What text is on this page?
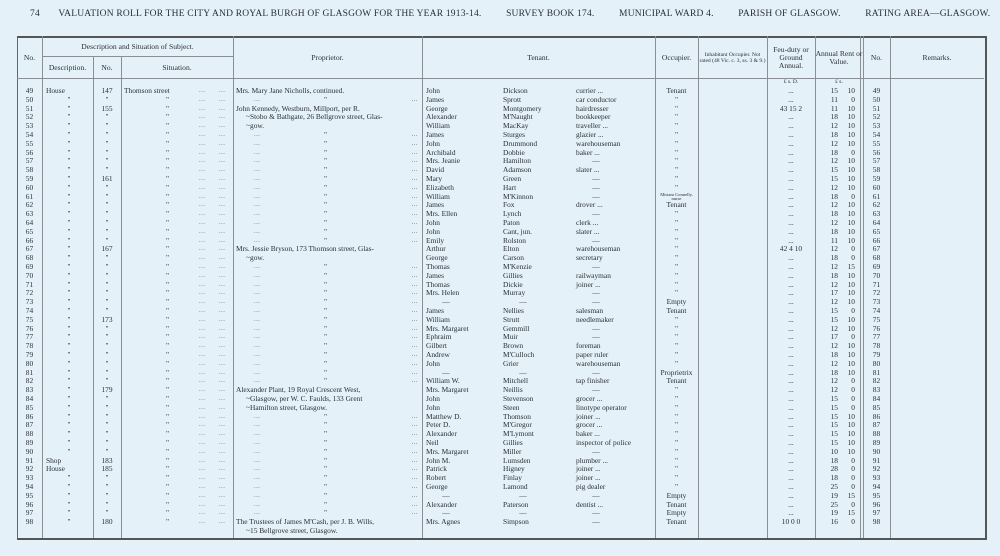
74 VALUATION ROLL FOR THE CITY AND ROYAL BURGH OF GLASGOW FOR THE YEAR 1913-14.	SURVEY BOOK 174.	MUNICIPAL WARD 4.	PARISH OF GLASGOW.	RATING AREA—GLASGOW.
No.
Description and Situation of Subject.
Description.	No.	Situation.
Proprietor.	Tenant.	Occupier.	Inhabitant Occupier. Not rated (48 Vic. c. 3, ss. 3 & 9.)
Feu-duty or Ground Annual.
Annual Rent or Value.	No.	Remarks.
£ s. D.	£ s.
49	House	147	Thomson street	... ... Mrs. Mary Jane Nicholls, continued.	John	Dickson	currier ...	Tenant	...	15	10	49
50	"	"	"	... ...	...	"	... James	Sprott	car conductor	"	...	11	0	50
51	"	155	"	... ... John Kennedy, Westburn, Millport, per R.	George	Montgomery	hairdresser	"	43 15 2	11	10	51
52	"	"	"	... ...	~Stobo & Bathgate, 26 Bellgrove street, Glas-	Alexander	M'Naught	bookkeeper	"	...	18	10	52
53	"	"	"	... ...	~gow.	William	MacKay	traveller ...	"	...	12	10	53
54	"	"	"	... ...	...	"	... James	Sturges	glazier ...	"	...	18	10	54
55	"	"	"	... ...	...	"	... John	Drummond	warehouseman	"	...	12	10	55
56	"	"	"	... ...	...	"	... Archibald	Dobbie	baker ...	"	...	18	0	56
57	"	"	"	... ...	...	"	... Mrs. Jeanie	Hamilton	—	"	...	12	10	57
58	"	"	"	... ...	...	"	... David	Adamson	slater ...	"	...	15	10	58
59	"	161	"	... ...	...	"	... Mary	Green	—	"	...	15	10	59
60	"	"	"	... ...	...	"	... Elizabeth	Hart	—	"	...	12	10	60
61	"	"	"	... ...	...	"	... William	M'Kinnon	—	Miriam Connelly, nurse	...	18	0	61
62	"	"	"	... ...	...	"	... James	Fox	drover ...	Tenant	...	12	10	62
63	"	"	"	... ...	...	"	... Mrs. Ellen	Lynch	—	"	...	18	10	63
64	"	"	"	... ...	...	"	... John	Paton	clerk ...	"	...	12	10	64
65	"	"	"	... ...	...	"	... John	Cant, jun.	slater ...	"	...	18	10	65
66	"	"	"	... ...	...	"	... Emily	Rolston	—	"	...	11	10	66
67	"	167	"	... ... Mrs. Jessie Bryson, 173 Thomson street, Glas-	Arthur	Elton	warehouseman	"	42 4 10	12	0	67
68	"	"	"	... ...	~gow.	George	Carson	secretary	"	...	18	0	68
69	"	"	"	... ...	...	"	... Thomas	M'Kenzie	—	"	...	12	15	69
70	"	"	"	... ...	...	"	... James	Gillies	railwayman	"	...	18	10	70
71	"	"	"	... ...	...	"	... Thomas	Dickie	joiner ...	"	...	12	10	71
72	"	"	"	... ...	...	"	... Mrs. Helen	Murray	—	"	...	17	10	72
73	"	"	"	... ...	...	"	...	—	—	—	Empty	...	12	10	73
74	"	"	"	... ...	...	"	... James	Nellies	salesman	Tenant	...	15	0	74
75	"	173	"	... ...	...	"	... William	Strutt	needlemaker	"	...	15	10	75
76	"	"	"	... ...	...	"	... Mrs. Margaret	Gemmill	—	"	...	12	10	76
77	"	"	"	... ...	...	"	... Ephraim	Muir	—	"	...	17	0	77
78	"	"	"	... ...	...	"	... Gilbert	Brown	foreman	"	...	12	10	78
79	"	"	"	... ...	...	"	... Andrew	M'Culloch	paper ruler	"	...	18	10	79
80	"	"	"	... ...	...	"	... John	Grier	warehouseman	"	...	12	10	80
81	"	"	"	... ...	...	"	...	—	—	—	Proprietrix	...	18	10	81
82	"	"	"	... ...	...	"	... William W.	Mitchell	tap finisher	Tenant	...	12	0	82
83	"	179	"	... ... Alexander Plant, 19 Royal Crescent West,	Mrs. Margaret	Neillis	—	"	...	12	0	83
84	"	"	"	... ...	~Glasgow, per W. C. Faulds, 133 Grent	John	Stevenson	grocer ...	"	...	15	0	84
85	"	"	"	... ...	~Hamilton street, Glasgow.	John	Steen	linotype operator	"	...	15	0	85
86	"	"	"	... ...	...	"	... Matthew D.	Thomson	joiner ...	"	...	15	10	86
87	"	"	"	... ...	...	"	... Peter D.	M'Gregor	grocer ...	"	...	15	10	87
88	"	"	"	... ...	...	"	... Alexander	M'Lymont	baker ...	"	...	15	10	88
89	"	"	"	... ...	...	"	... Neil	Gillies	inspector of police	"	...	15	10	89
90	"	"	"	... ...	...	"	... Mrs. Margaret	Miller	—	"	...	10	10	90
91	Shop	183	"	... ...	...	"	... John M.	Lumsden	plumber ...	"	...	18	0	91
92	House	185	"	... ...	...	"	... Patrick	Higney	joiner ...	"	...	28	0	92
93	"	"	"	... ...	...	"	... Robert	Finlay	joiner ...	"	...	18	0	93
94	"	"	"	... ...	...	"	... George	Lamond	pig dealer	"	...	25	0	94
95	"	"	"	... ...	...	"	...	—	—	—	Empty	...	19	15	95
96	"	"	"	... ...	...	"	... Alexander	Paterson	dentist ...	Tenant	...	25	0	96
97	"	"	"	... ...	...	"	...	—	—	—	Empty	...	19	15	97
98	"	180	"	... ... The Trustees of James M'Cash, per J. B. Wills,	Mrs. Agnes	Simpson	—	Tenant	10 0 0	16	0	98
~15 Bellgrove street, Glasgow.
